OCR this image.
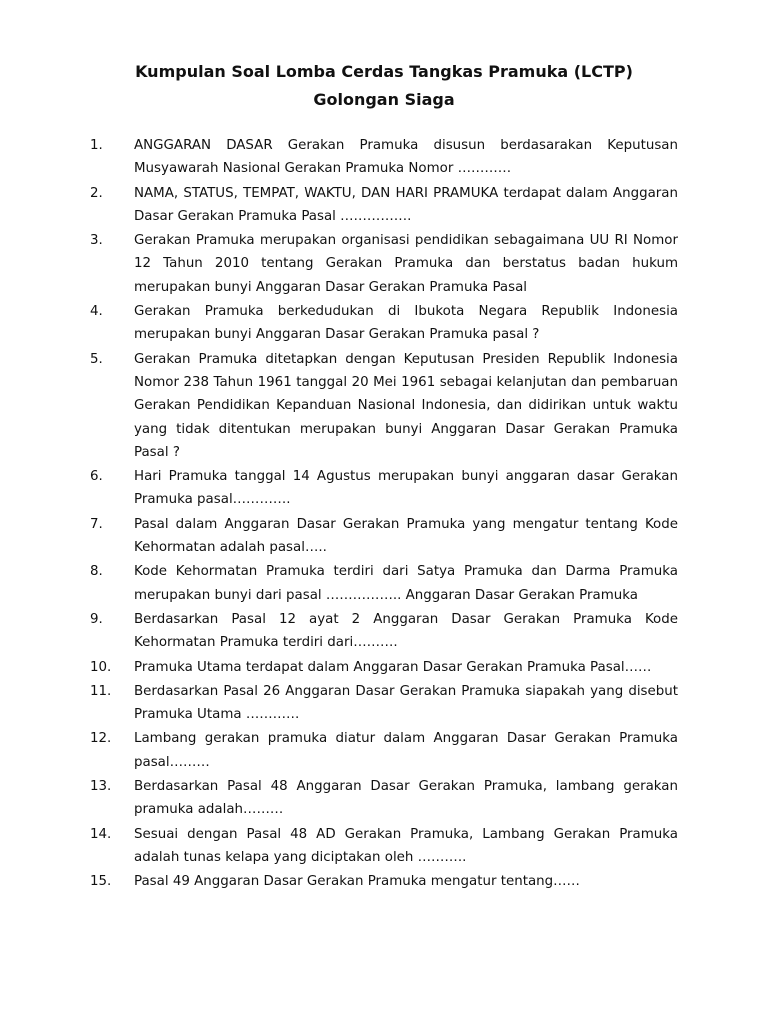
Kumpulan Soal Lomba Cerdas Tangkas Pramuka (LCTP)
Golongan Siaga
1.	ANGGARAN DASAR Gerakan Pramuka disusun berdasarakan Keputusan Musyawarah Nasional Gerakan Pramuka Nomor …………
2.	NAMA, STATUS, TEMPAT, WAKTU, DAN HARI PRAMUKA terdapat dalam Anggaran Dasar Gerakan Pramuka Pasal …………….
3.	Gerakan Pramuka merupakan organisasi pendidikan sebagaimana UU RI Nomor 12 Tahun 2010 tentang Gerakan Pramuka dan berstatus badan hukum merupakan bunyi Anggaran Dasar Gerakan Pramuka Pasal
4.	Gerakan Pramuka berkedudukan di Ibukota Negara Republik Indonesia merupakan bunyi Anggaran Dasar Gerakan Pramuka pasal ?
5.	Gerakan Pramuka ditetapkan dengan Keputusan Presiden Republik Indonesia Nomor 238 Tahun 1961 tanggal 20 Mei 1961 sebagai kelanjutan dan pembaruan Gerakan Pendidikan Kepanduan Nasional Indonesia, dan didirikan untuk waktu yang tidak ditentukan merupakan bunyi Anggaran Dasar Gerakan Pramuka Pasal ?
6.	Hari Pramuka tanggal 14 Agustus merupakan bunyi anggaran dasar Gerakan Pramuka pasal………….
7.	Pasal dalam Anggaran Dasar Gerakan Pramuka yang mengatur tentang Kode Kehormatan adalah pasal…..
8.	Kode Kehormatan Pramuka terdiri dari Satya Pramuka dan Darma Pramuka merupakan bunyi dari pasal …………….. Anggaran Dasar Gerakan Pramuka
9.	Berdasarkan Pasal 12 ayat 2 Anggaran Dasar Gerakan Pramuka Kode Kehormatan Pramuka terdiri dari……….
10.	Pramuka Utama terdapat dalam Anggaran Dasar Gerakan Pramuka Pasal……
11.	Berdasarkan Pasal 26 Anggaran Dasar Gerakan Pramuka siapakah yang disebut Pramuka Utama …………
12.	Lambang gerakan pramuka diatur dalam Anggaran Dasar Gerakan Pramuka pasal………
13.	Berdasarkan Pasal 48 Anggaran Dasar Gerakan Pramuka, lambang gerakan pramuka adalah………
14.	Sesuai dengan Pasal 48 AD Gerakan Pramuka, Lambang Gerakan Pramuka adalah tunas kelapa yang diciptakan oleh ………..
15.	Pasal 49 Anggaran Dasar Gerakan Pramuka mengatur tentang……
